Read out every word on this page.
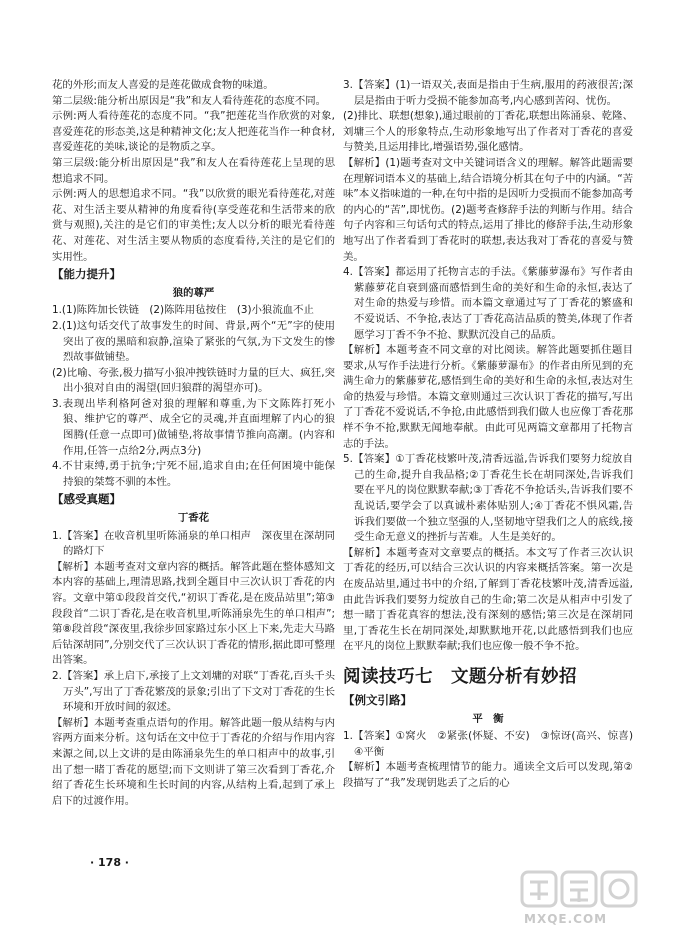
花的外形;而友人喜爱的是莲花做成食物的味道。

第二层级:能分析出原因是“我”和友人看待莲花的态度不同。

示例:两人看待莲花的态度不同。“我”把莲花当作欣赏的对象,喜爱莲花的形态美,这是种精神文化;友人把莲花当作一种食材,喜爱莲花的美味,谈论的是物质之享。

第三层级:能分析出原因是“我”和友人在看待莲花上呈现的思想追求不同。

示例:两人的思想追求不同。“我”以欣赏的眼光看待莲花,对莲花、对生活主要从精神的角度看待(享受莲花和生活带来的欣赏与观照),关注的是它们的审美性;友人以分析的眼光看待莲花、对莲花、对生活主要从物质的态度看待,关注的是它们的实用性。

【能力提升】

狼的尊严

1.(1)陈阵加长铁链　(2)陈阵用毡按住　(3)小狼流血不止

2.(1)这句话交代了故事发生的时间、背景,两个“无”字的使用突出了夜的黑暗和寂静,渲染了紧张的气氛,为下文发生的惨烈故事做铺垫。

(2)比喻、夸张,极力描写小狼冲拽铁链时力量的巨大、疯狂,突出小狼对自由的渴望(回归狼群的渴望亦可)。

3.表现出毕利格阿爸对狼的理解和尊重,为下文陈阵打死小狼、维护它的尊严、成全它的灵魂,并直面埋解了内心的狼图腾(任意一点即可)做铺垫,将故事情节推向高潮。(内容和作用,任答一点给2分,两点3分)

4.不甘束缚,勇于抗争;宁死不屈,追求自由;在任何困境中能保持狼的桀骜不驯的本性。

【感受真题】

丁香花

1.【答案】在收音机里听陈涌泉的单口相声　深夜里在深胡同的路灯下

【解析】本题考查对文章内容的概括。解答此题在整体感知文本内容的基础上,理清思路,找到全题目中三次认识丁香花的内容。文章中第①段段首交代,“初识丁香花,是在废品站里”;第③段段首“二识丁香花,是在收音机里,听陈涌泉先生的单口相声”;第⑧段首段“深夜里,我徐步回家路过东小区上下来,先走大马路后钻深胡同”,分别交代了三次认识丁香花的情形,据此即可整理出答案。

2.【答案】承上启下,承接了上文刘墉的对联“丁香花,百头千头万头”,写出了丁香花繁茂的景象;引出了下文对丁香花的生长环境和开放时间的叙述。

【解析】本题考查重点语句的作用。解答此题一般从结构与内容两方面来分析。这句话在文中位于丁香花的介绍与作用内容来源之间,以上文讲的是由陈涌泉先生的单口相声中的故事,引出了想一睹丁香花的愿望;而下文则讲了第三次看到丁香花,介绍了香花生长环境和生长时间的内容,从结构上看,起到了承上启下的过渡作用。

3.【答案】(1)一语双关,表面是指由于生病,服用的药液很苦;深层是指由于听力受损不能参加高考,内心感到苦闷、忧伤。

(2)排比、联想(想象),通过眼前的丁香花,联想出陈涌泉、乾隆、刘墉三个人的形象特点,生动形象地写出了作者对丁香花的喜爱与赞美,且运用排比,增强语势,强化感情。

【解析】(1)题考查对文中关键词语含义的理解。解答此题需要在理解词语本义的基础上,结合语境分析其在句子中的内涵。“苦味”本义指味道的一种,在句中指的是因听力受损而不能参加高考的内心的“苦”,即忧伤。(2)题考查修辞手法的判断与作用。结合句子内容和三句话句式的特点,运用了排比的修辞手法,生动形象地写出了作者看到丁香花时的联想,表达我对丁香花的喜爱与赞美。

4.【答案】都运用了托物言志的手法。《紫藤萝瀑布》写作者由紫藤萝花自衰到盛而感悟到生命的美好和生命的永恒,表达了对生命的热爱与珍惜。而本篇文章通过写了丁香花的繁盛和不爱说话、不争抢,表达了丁香花高洁品质的赞美,体现了作者愿学习丁香不争不抢、默默沉没自己的品质。

【解析】本题考查不同文章的对比阅读。解答此题要抓住题目要求,从写作手法进行分析。《紫藤萝瀑布》的作者由所见到的充满生命力的紫藤萝花,感悟到生命的美好和生命的永恒,表达对生命的热爱与珍惜。本篇文章则通过三次认识丁香花的描写,写出了丁香花不爱说话,不争抢,由此感悟到我们做人也应像丁香花那样不争不抢,默默无闻地奉献。由此可见两篇文章都用了托物言志的手法。

5.【答案】①丁香花枝繁叶茂,清香远溢,告诉我们要努力绽放自己的生命,提升自我品格;②丁香花生长在胡同深处,告诉我们要在平凡的岗位默默奉献;③丁香花不争抢话头,告诉我们要不乱说话,要学会了以真诚朴素体贴别人;④丁香花不惧风霜,告诉我们要做一个独立坚强的人,坚韧地守望我们之人的底线,接受生命无意义的挫折与苦难。人生是美好的。

【解析】本题考查对文章要点的概括。本文写了作者三次认识丁香花的经历,可以结合三次认识的内容来概括答案。第一次是在废品站里,通过书中的介绍,了解到丁香花枝繁叶茂,清香远溢,由此告诉我们要努力绽放自己的生命;第二次是从相声中引发了想一睹丁香花真容的想法,没有深刻的感悟;第三次是在深胡同里,丁香花生长在胡同深处,却默默地开花,以此感悟到我们也应在平凡的岗位上默默奉献;我们也应像一般不争不抢。

阅读技巧七　文题分析有妙招

【例文引路】

平　衡

1.【答案】①窝火　②紧张(怀疑、不安)　③惊讶(高兴、惊喜)　④平衡

【解析】本题考查梳理情节的能力。通读全文后可以发现,第②段描写了“我”发现钥匙丢了之后的心

· 178 ·
MXQE.COM
